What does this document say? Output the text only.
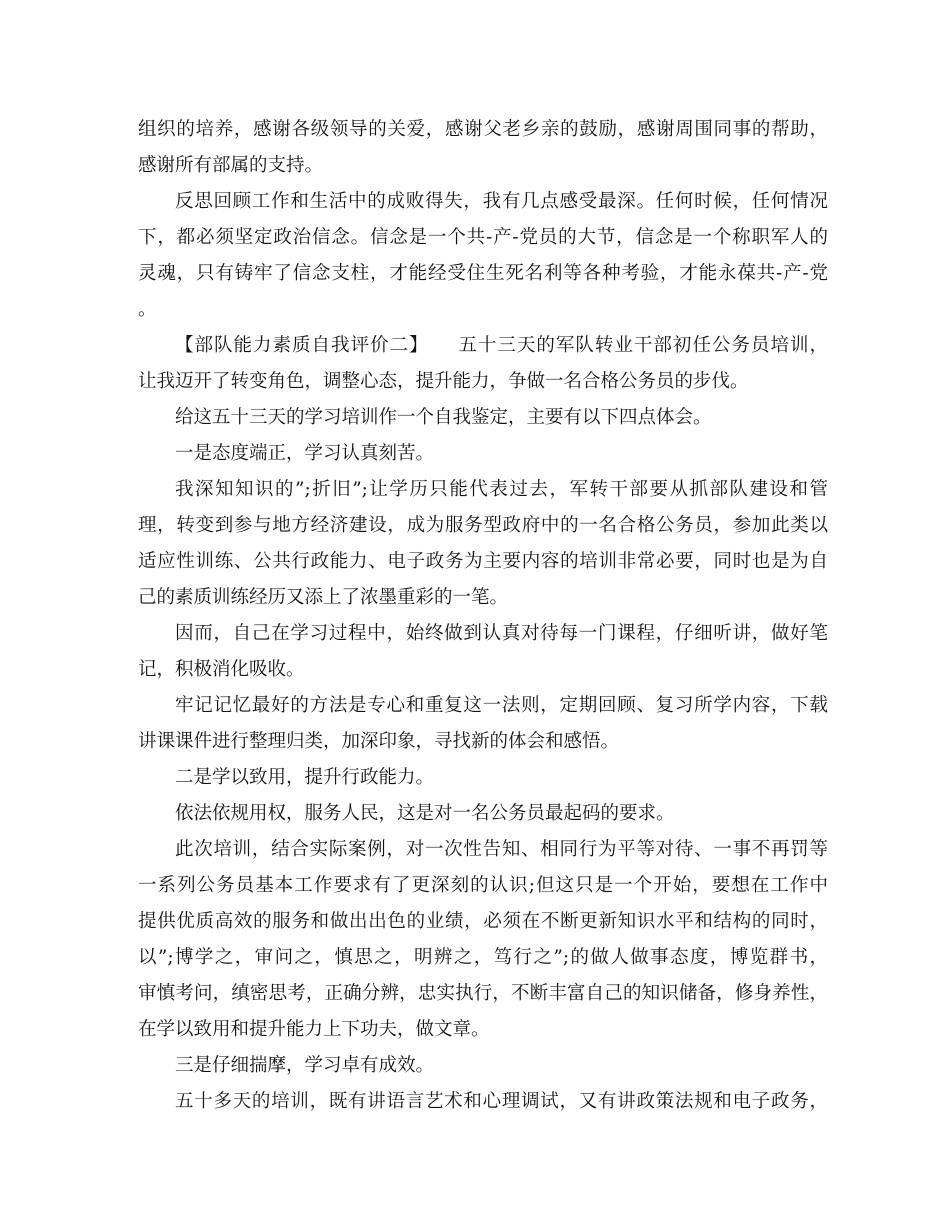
组织的培养，感谢各级领导的关爱，感谢父老乡亲的鼓励，感谢周围同事的帮助，
感谢所有部属的支持。
反思回顾工作和生活中的成败得失，我有几点感受最深。任何时候，任何情况
下，都必须坚定政治信念。信念是一个共-产-党员的大节，信念是一个称职军人的
灵魂，只有铸牢了信念支柱，才能经受住生死名利等各种考验，才能永葆共-产-党
。
【部队能力素质自我评价二】　　五十三天的军队转业干部初任公务员培训，
让我迈开了转变角色，调整心态，提升能力，争做一名合格公务员的步伐。
给这五十三天的学习培训作一个自我鉴定，主要有以下四点体会。
一是态度端正，学习认真刻苦。
我深知知识的”;折旧”;让学历只能代表过去，军转干部要从抓部队建设和管
理，转变到参与地方经济建设，成为服务型政府中的一名合格公务员，参加此类以
适应性训练、公共行政能力、电子政务为主要内容的培训非常必要，同时也是为自
己的素质训练经历又添上了浓墨重彩的一笔。
因而，自己在学习过程中，始终做到认真对待每一门课程，仔细听讲，做好笔
记，积极消化吸收。
牢记记忆最好的方法是专心和重复这一法则，定期回顾、复习所学内容，下载
讲课课件进行整理归类，加深印象，寻找新的体会和感悟。
二是学以致用，提升行政能力。
依法依规用权，服务人民，这是对一名公务员最起码的要求。
此次培训，结合实际案例，对一次性告知、相同行为平等对待、一事不再罚等
一系列公务员基本工作要求有了更深刻的认识;但这只是一个开始，要想在工作中
提供优质高效的服务和做出出色的业绩，必须在不断更新知识水平和结构的同时，
以”;博学之，审问之，慎思之，明辨之，笃行之”;的做人做事态度，博览群书，
审慎考问，缜密思考，正确分辨，忠实执行，不断丰富自己的知识储备，修身养性，
在学以致用和提升能力上下功夫，做文章。
三是仔细揣摩，学习卓有成效。
五十多天的培训，既有讲语言艺术和心理调试，又有讲政策法规和电子政务，
